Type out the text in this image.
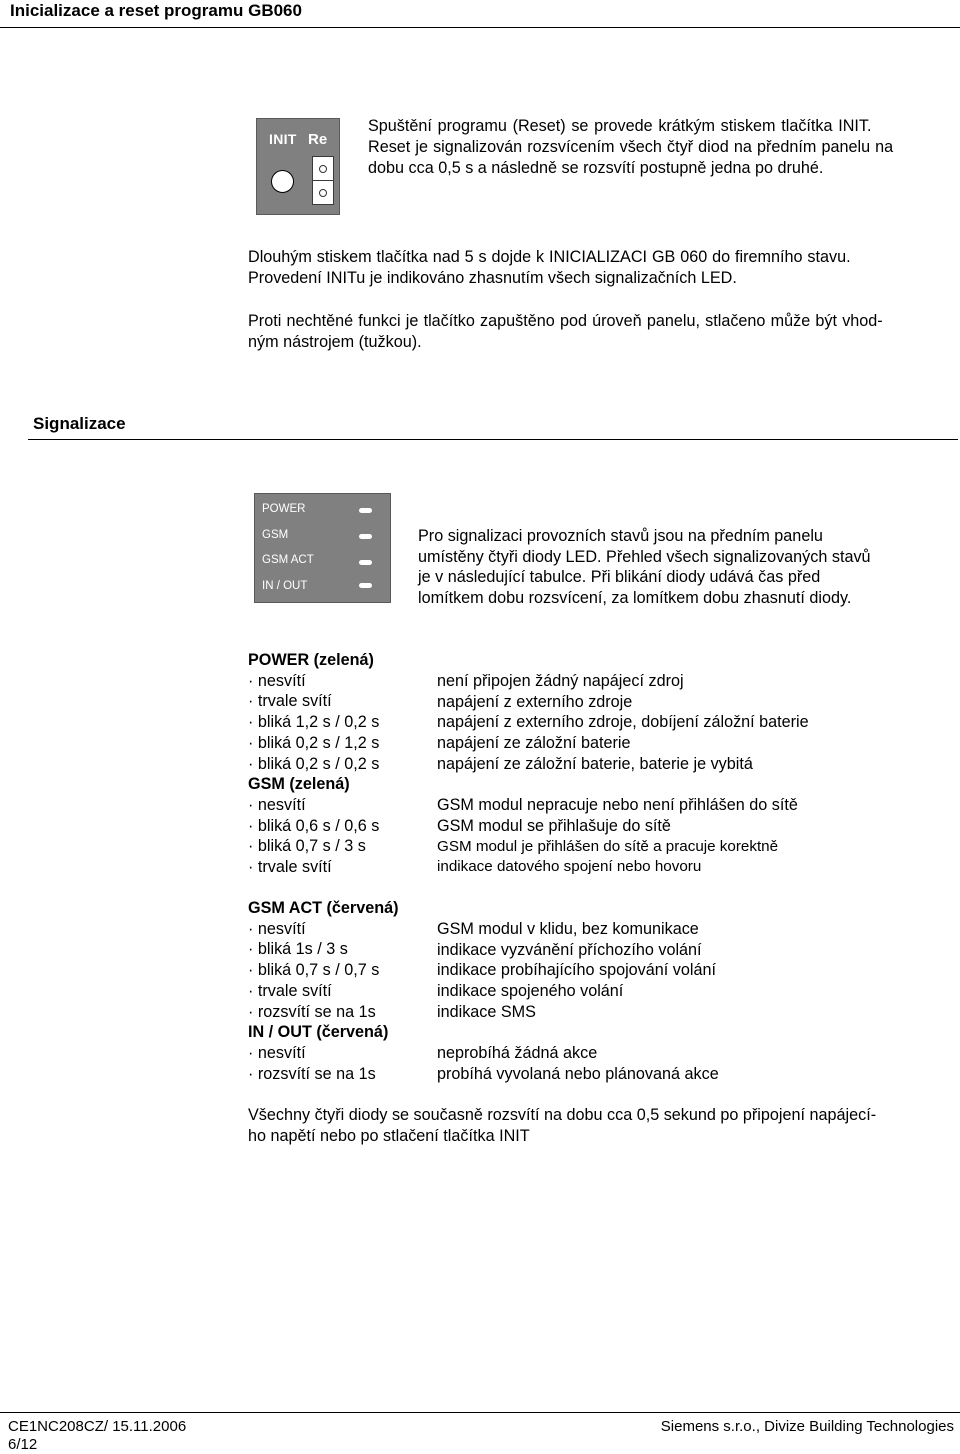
Inicializace a reset programu GB060
INIT Re
Spuštění programu (Reset) se provede krátkým stiskem tlačítka INIT.
Reset je signalizován rozsvícením všech čtyř diod na předním panelu na
dobu cca 0,5 s a následně se rozsvítí postupně jedna po druhé.
Dlouhým stiskem tlačítka nad 5 s dojde k INICIALIZACI GB 060 do firemního stavu.
Provedení INITu je indikováno zhasnutím všech signalizačních LED.
Proti nechtěné funkci je tlačítko zapuštěno pod úroveň panelu, stlačeno může být vhod-
ným nástrojem (tužkou).
Signalizace
POWER
GSM
GSM ACT
IN / OUT
Pro signalizaci provozních stavů jsou na předním panelu
umístěny čtyři diody LED. Přehled všech signalizovaných stavů
je v následující tabulce. Při blikání diody udává čas před
lomítkem dobu rozsvícení, za lomítkem dobu zhasnutí diody.
POWER (zelená)
· nesvítí
· trvale svítí
· bliká 1,2 s / 0,2 s
· bliká 0,2 s / 1,2 s
· bliká 0,2 s / 0,2 s
GSM (zelená)
· nesvítí
· bliká 0,6 s / 0,6 s
· bliká 0,7 s / 3 s
· trvale svítí
není připojen žádný napájecí zdroj
napájení z externího zdroje
napájení z externího zdroje, dobíjení záložní baterie
napájení ze záložní baterie
napájení ze záložní baterie, baterie je vybitá
GSM modul nepracuje nebo není přihlášen do sítě
GSM modul se přihlašuje do sítě
GSM modul je přihlášen do sítě a pracuje korektně
indikace datového spojení nebo hovoru
GSM ACT (červená)
· nesvítí
· bliká 1s / 3 s
· bliká 0,7 s / 0,7 s
· trvale svítí
· rozsvítí se na 1s
IN / OUT (červená)
· nesvítí
· rozsvítí se na 1s
GSM modul v klidu, bez komunikace
indikace vyzvánění příchozího volání
indikace probíhajícího spojování volání
indikace spojeného volání
indikace SMS
neprobíhá žádná akce
probíhá vyvolaná nebo plánovaná akce
Všechny čtyři diody se současně rozsvítí na dobu cca 0,5 sekund po připojení napájecí-
ho napětí nebo po stlačení tlačítka INIT
CE1NC208CZ/ 15.11.2006
6/12
Siemens s.r.o., Divize Building Technologies
